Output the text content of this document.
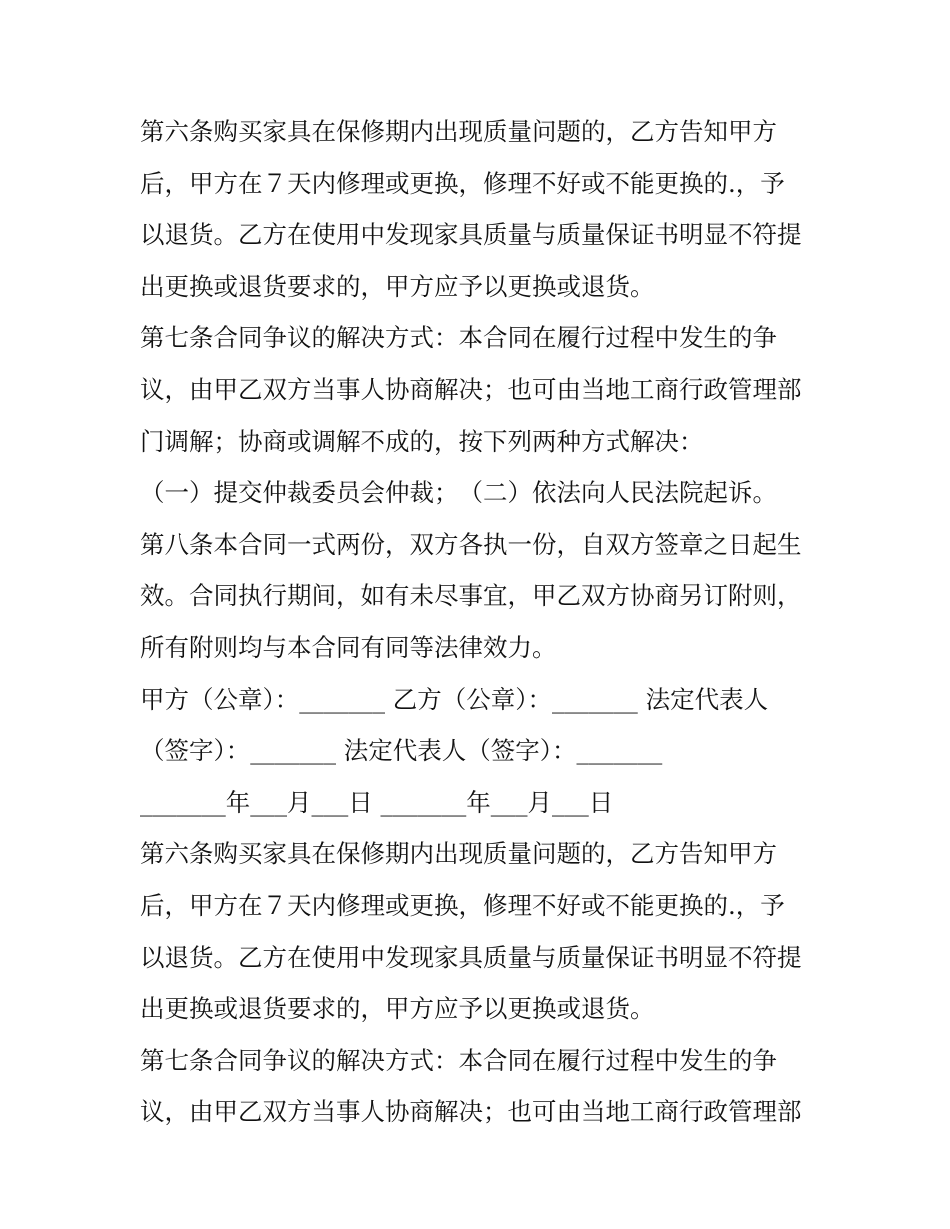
第六条购买家具在保修期内出现质量问题的，乙方告知甲方
后，甲方在７天内修理或更换，修理不好或不能更换的.，予
以退货。乙方在使用中发现家具质量与质量保证书明显不符提
出更换或退货要求的，甲方应予以更换或退货。
第七条合同争议的解决方式：本合同在履行过程中发生的争
议，由甲乙双方当事人协商解决；也可由当地工商行政管理部
门调解；协商或调解不成的，按下列两种方式解决：
（一）提交仲裁委员会仲裁；　（二）依法向人民法院起诉。
第八条本合同一式两份，双方各执一份，自双方签章之日起生
效。合同执行期间，如有未尽事宜，甲乙双方协商另订附则，
所有附则均与本合同有同等法律效力。
甲方（公章）：_______ 乙方（公章）：_______ 法定代表人
（签字）：_______ 法定代表人（签字）：_______
_______年___月___日 _______年___月___日
第六条购买家具在保修期内出现质量问题的，乙方告知甲方
后，甲方在７天内修理或更换，修理不好或不能更换的.，予
以退货。乙方在使用中发现家具质量与质量保证书明显不符提
出更换或退货要求的，甲方应予以更换或退货。
第七条合同争议的解决方式：本合同在履行过程中发生的争
议，由甲乙双方当事人协商解决；也可由当地工商行政管理部
